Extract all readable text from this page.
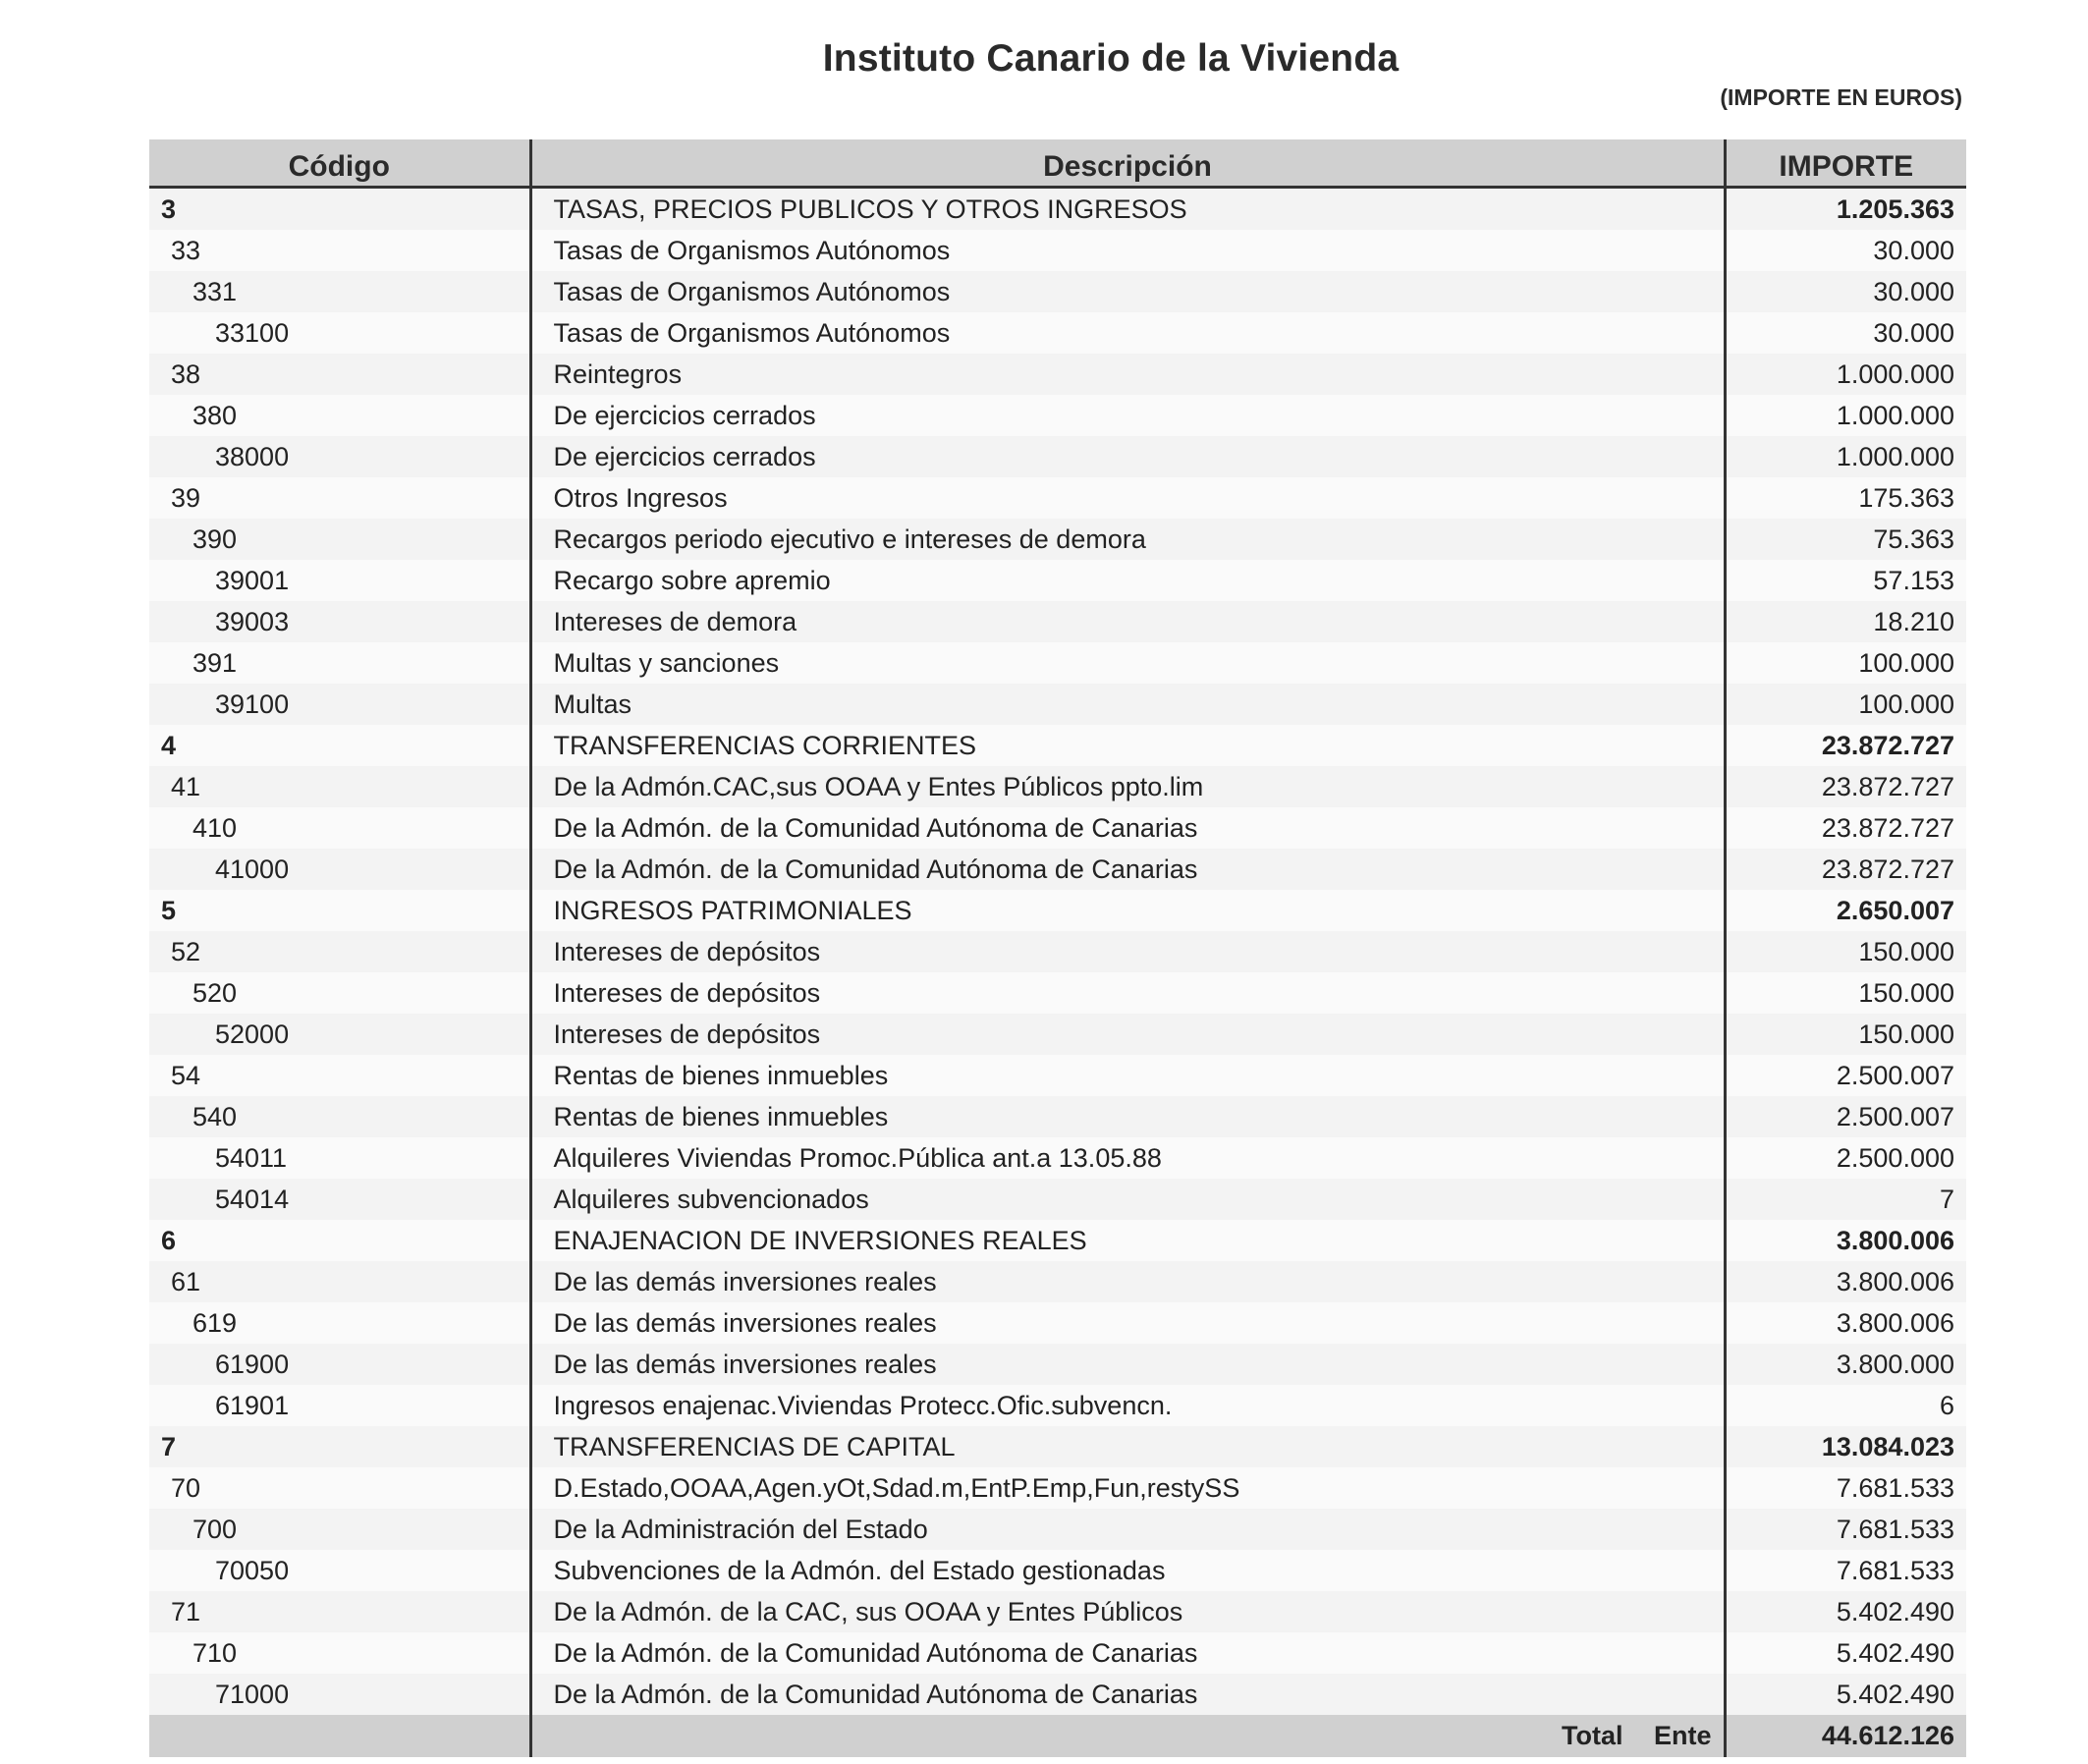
Instituto Canario de la Vivienda
(IMPORTE EN EUROS)
Código	Descripción	IMPORTE
3	TASAS, PRECIOS PUBLICOS Y OTROS INGRESOS	1.205.363
33	Tasas de Organismos Autónomos	30.000
331	Tasas de Organismos Autónomos	30.000
33100	Tasas de Organismos Autónomos	30.000
38	Reintegros	1.000.000
380	De ejercicios cerrados	1.000.000
38000	De ejercicios cerrados	1.000.000
39	Otros Ingresos	175.363
390	Recargos periodo ejecutivo e intereses de demora	75.363
39001	Recargo sobre apremio	57.153
39003	Intereses de demora	18.210
391	Multas y sanciones	100.000
39100	Multas	100.000
4	TRANSFERENCIAS CORRIENTES	23.872.727
41	De la Admón.CAC,sus OOAA y Entes Públicos ppto.lim	23.872.727
410	De la Admón. de la Comunidad Autónoma de Canarias	23.872.727
41000	De la Admón. de la Comunidad Autónoma de Canarias	23.872.727
5	INGRESOS PATRIMONIALES	2.650.007
52	Intereses de depósitos	150.000
520	Intereses de depósitos	150.000
52000	Intereses de depósitos	150.000
54	Rentas de bienes inmuebles	2.500.007
540	Rentas de bienes inmuebles	2.500.007
54011	Alquileres Viviendas Promoc.Pública ant.a 13.05.88	2.500.000
54014	Alquileres subvencionados	7
6	ENAJENACION DE INVERSIONES REALES	3.800.006
61	De las demás inversiones reales	3.800.006
619	De las demás inversiones reales	3.800.006
61900	De las demás inversiones reales	3.800.000
61901	Ingresos enajenac.Viviendas Protecc.Ofic.subvencn.	6
7	TRANSFERENCIAS DE CAPITAL	13.084.023
70	D.Estado,OOAA,Agen.yOt,Sdad.m,EntP.Emp,Fun,restySS	7.681.533
700	De la Administración del Estado	7.681.533
70050	Subvenciones de la Admón. del Estado gestionadas	7.681.533
71	De la Admón. de la CAC, sus OOAA y Entes Públicos	5.402.490
710	De la Admón. de la Comunidad Autónoma de Canarias	5.402.490
71000	De la Admón. de la Comunidad Autónoma de Canarias	5.402.490
	Total Ente	44.612.126
